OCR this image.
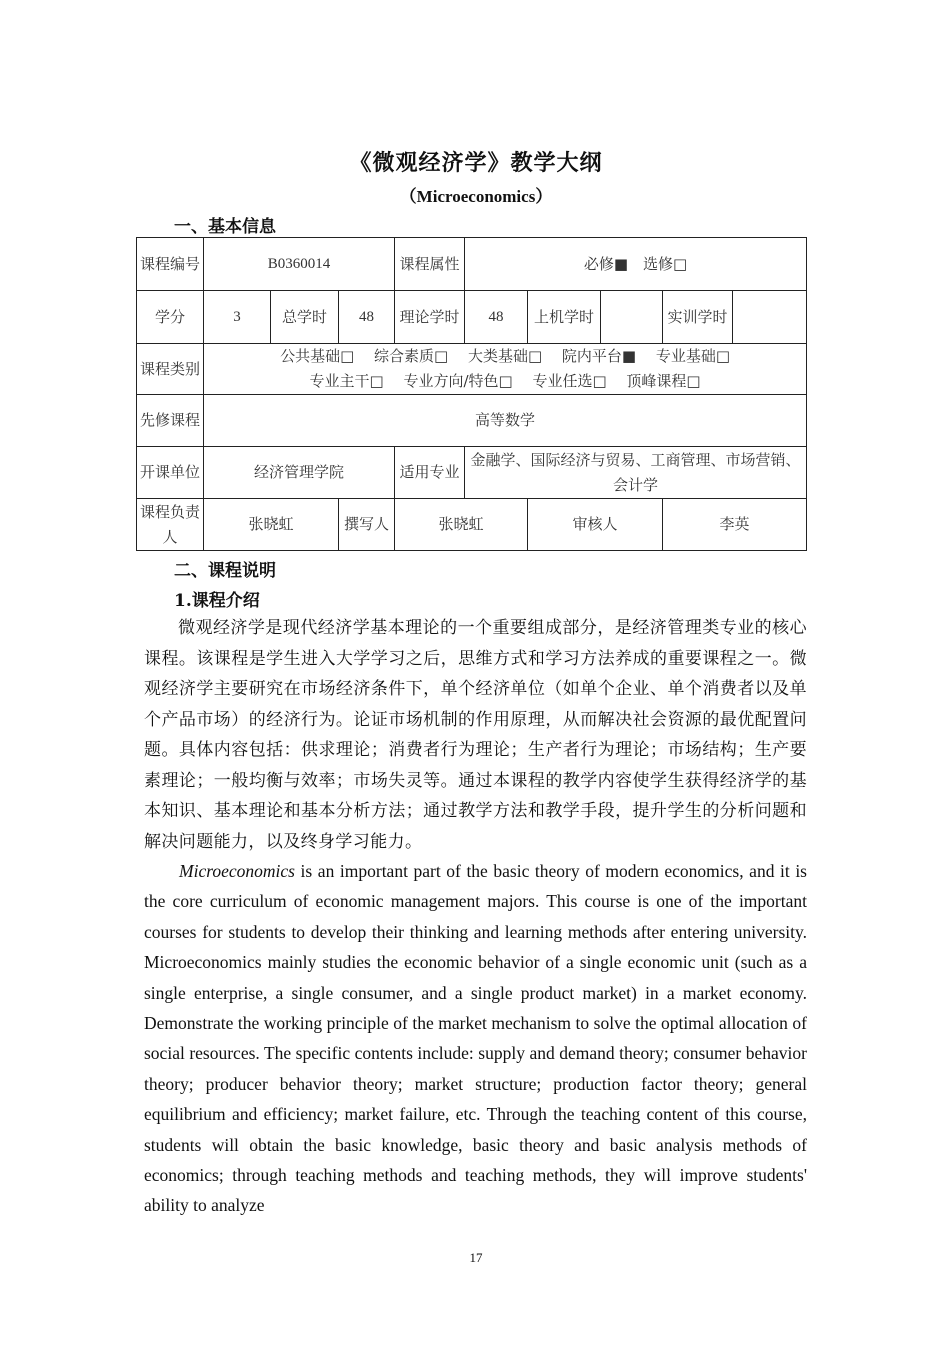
《微观经济学》教学大纲
（Microeconomics）
一、基本信息
课程编号	B0360014			课程属性	必修■　选修□				
学分	3	总学时	48	理论学时	48	上机学时		实训学时	
课程类别	公共基础□　 综合素质□　 大类基础□　 院内平台■　 专业基础□
专业主干□　 专业方向/特色□　 专业任选□　 顶峰课程□								

先修课程	高等数学								
开课单位	经济管理学院			适用专业	金融学、国际经济与贸易、工商管理、市场营销、会计学				
课程负责人	张晓虹		撰写人	张晓虹		审核人		李英	
二、课程说明
1.课程介绍

微观经济学是现代经济学基本理论的一个重要组成部分，是经济管理类专业的核心课程。该课程是学生进入大学学习之后，思维方式和学习方法养成的重要课程之一。微观经济学主要研究在市场经济条件下，单个经济单位（如单个企业、单个消费者以及单个产品市场）的经济行为。论证市场机制的作用原理，从而解决社会资源的最优配置问题。具体内容包括：供求理论；消费者行为理论；生产者行为理论；市场结构；生产要素理论；一般均衡与效率；市场失灵等。通过本课程的教学内容使学生获得经济学的基本知识、基本理论和基本分析方法；通过教学方法和教学手段，提升学生的分析问题和解决问题能力，以及终身学习能力。

Microeconomics is an important part of the basic theory of modern economics, and it is the core curriculum of economic management majors. This course is one of the important courses for students to develop their thinking and learning methods after entering university. Microeconomics mainly studies the economic behavior of a single economic unit (such as a single enterprise, a single consumer, and a single product market) in a market economy. Demonstrate the working principle of the market mechanism to solve the optimal allocation of social resources. The specific contents include: supply and demand theory; consumer behavior theory; producer behavior theory; market structure; production factor theory; general equilibrium and efficiency; market failure, etc. Through the teaching content of this course, students will obtain the basic knowledge, basic theory and basic analysis methods of economics; through teaching methods and teaching methods, they will improve students' ability to analyze

17
